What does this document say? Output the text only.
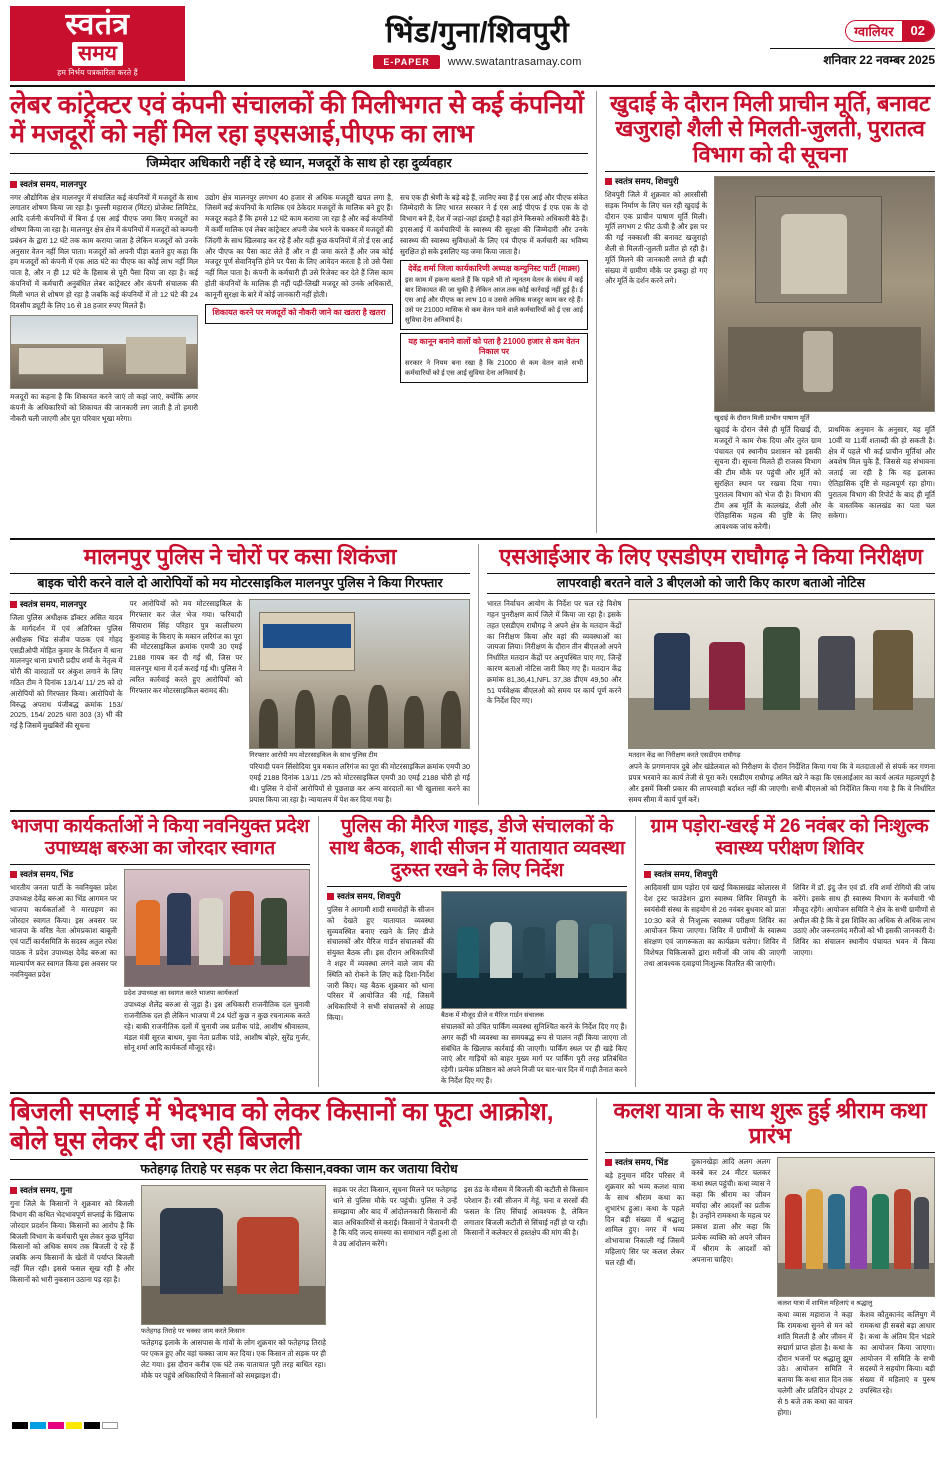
स्वतंत्र
समय
हम निर्भय पत्रकारिता करते हैं
भिंड/गुना/शिवपुरी
E-PAPER	www.swatantrasamay.com
ग्वालियर	02
शनिवार 22 नवम्बर 2025
लेबर कांट्रेक्टर एवं कंपनी संचालकों की मिलीभगत से कई कंपनियों में मजदूरों को नहीं मिल रहा इएसआई,पीएफ का लाभ
जिम्मेदार अधिकारी नहीं दे रहे ध्यान, मजदूरों के साथ हो रहा दुर्व्यवहार
स्वतंत्र समय, मालनपुर
नगर औद्योगिक क्षेत्र मालनपुर में संचालित कई कंपनियों में मजदूरों के साथ लगातार शोषण किया जा रहा है। फुल्ली महाराज (मिंटर) प्रोजेक्ट लिमिटेड, आदि दर्जनी कंपनियों में बिना ई एस आई पीएफ जमा किए मजदूरों का शोषण किया जा रहा है। मालनपुर क्षेत्र क्षेत्र में कंपनियों में मजदूरों को कम्पनी प्रबंधन के द्वारा 12 घंटे तक काम कराया जाता है लेकिन मजदूरों को उनके अनुसार वेतन नहीं मिल पाता। मजदूरों को अपनी पीड़ा बताने हुए कहा कि हम मजदूरों को कंपनी में एक आठ घंटे का पीएफ का कोई लाभ नहीं मिल पाता है, और न ही 12 घंटे के हिसाब से पूरी पैसा दिया जा रहा है। कई कंपनियों में कर्मचारी अनुबंधित लेबर कांट्रेक्टर और कंपनी संचालक की मिली भगत से शोषण हो रहा है जबकि कई कंपनियों में तो 12 घंटे की 24 दिवसीय ड्यूटी के लिए 16 से 18 हजार रुपए मिलते हैं।
मजदूरों का कहना है कि शिकायत करने जाएं तो कहां जाएं, क्योंकि अगर कंपनी के अधिकारियों को शिकायत की जानकारी लग जाती है तो हमारी नौकरी चली जाएगी और पूरा परिवार भूखा मरेगा।
उद्योग क्षेत्र मालनपुर लगभग 40 हजार से अधिक मजदूरी खपत लगा है, जिसमें कई कंपनियों के मालिक एवं ठेकेदार मजदूरों के मालिक बने हुए हैं। मजदूर कहते हैं कि हमसे 12 घंटे काम कराया जा रहा है और कई कंपनियों में कर्मी मालिक एवं लेबर कांट्रेक्टर अपनी जेब भरने के चक्कर में मजदूरों की जिंदगी के साथ खिलवाड़ कर रहे हैं और यही कुछ कंपनियों में तो ई एस आई और पीएफ का पैसा काट लेते हैं और न ही जमा करते हैं और जब कोई मजदूर पूर्ण सेवानिवृत्ति होने पर पैसा के लिए आवेदन करता है तो उसे पैसा नहीं मिल पाता है। कंपनी के कर्मचारी ही उसे रिजेक्ट कर देते हैं जिस काम होती कंपनियों के मालिक ही नहीं पढ़ी-लिखी मजदूर को उनके अधिकारों, कानूनी सुरक्षा के बारे में कोई जानकारी नहीं होती।
शिकायत करने पर मजदूरों को नौकरी जाने का खतरा है खतरा
सच एक ही श्रेणी के बड़े बड़े हैं, जानिए क्या हैं ई एस आई और पीएफ संकेत जिम्मेदारी के लिए भारत सरकार ने ई एस आई पीएफ ई एफ एक के दो विभाग बने हैं, देश में जहां-जहां इंडस्ट्री है वहां होने किसको अधिकारी बैठे हैं। इएसआई में कर्मचारियों के स्वास्थ्य की सुरक्षा की जिम्मेदारी और उनके स्वास्थ्य की स्वास्थ्य सुविधाओं के लिए एवं पीएफ में कर्मचारी का भविष्य सुरक्षित हो सके इसलिए यह जमा किया जाता है।
देवेंद्र शर्मा जिला कार्यकारिणी अध्यक्ष कम्युनिस्ट पार्टी (माक्र्स)
इस काम में हकना बताते हैं कि पहले भी तो न्यूनतम वेतन के संबंध में कई बार शिकायत की जा चुकी है लेकिन आज तक कोई कार्रवाई नहीं हुई है। ई एस आई और पीएफ का लाभ 10 व उससे अधिक मजदूर काम कर रहे हैं। उसे पर 21000 मासिक से कम वेतन पाने वाले कर्मचारियों को ई एस आई सुविधा देना अनिवार्य है।
यह कानून बनाने वालों को पता है 21000 हजार से कम वेतन निकाल पर
सरकार ने नियम बना रखा है कि 21000 से कम वेतन वाले सभी कर्मचारियों को ई एस आई सुविधा देना अनिवार्य है।
खुदाई के दौरान मिली प्राचीन मूर्ति, बनावट खजुराहो शैली से मिलती-जुलती, पुरातत्व विभाग को दी सूचना
स्वतंत्र समय, शिवपुरी
शिवपुरी जिले में शुक्रवार को आरसीसी सड़क निर्माण के लिए चल रही खुदाई के दौरान एक प्राचीन पाषाण मूर्ति मिली। मूर्ति लगभग 2 फीट ऊंची है और इस पर की गई नक्काशी की बनावट खजुराहो शैली से मिलती-जुलती प्रतीत हो रही है। मूर्ति मिलने की जानकारी लगते ही बड़ी संख्या में ग्रामीण मौके पर इकट्ठा हो गए और मूर्ति के दर्शन करने लगे।
खुदाई के दौरान मिली प्राचीन पाषाण मूर्ति
खुदाई के दौरान जैसे ही मूर्ति दिखाई दी, मजदूरों ने काम रोक दिया और तुरंत ग्राम पंचायत एवं स्थानीय प्रशासन को इसकी सूचना दी। सूचना मिलते ही राजस्व विभाग की टीम मौके पर पहुंची और मूर्ति को सुरक्षित स्थान पर रखवा दिया गया। पुरातत्व विभाग को भेज दी है। विभाग की टीम अब मूर्ति के कालखंड, शैली और ऐतिहासिक महत्व की पुष्टि के लिए आवश्यक जांच करेगी।
प्राथमिक अनुमान के अनुसार, यह मूर्ति 10वीं या 11वीं शताब्दी की हो सकती है। क्षेत्र में पहले भी कई प्राचीन मूर्तियां और अवशेष मिल चुके हैं, जिससे यह संभावना जताई जा रही है कि यह इलाका ऐतिहासिक दृष्टि से महत्वपूर्ण रहा होगा। पुरातत्व विभाग की रिपोर्ट के बाद ही मूर्ति के वास्तविक कालखंड का पता चल सकेगा।
मालनपुर पुलिस ने चोरों पर कसा शिकंजा
बाइक चोरी करने वाले दो आरोपियों को मय मोटरसाइकिल मालनपुर पुलिस ने किया गिरफ्तार
स्वतंत्र समय, मालनपुर
जिला पुलिस अधीक्षक डॉक्टर असित यादव के मार्गदर्शन में एवं अतिरिक्त पुलिस अधीक्षक भिंड संजीव पाठक एवं गोहद एसडीओपी मोहित कुमार के निर्देशन में थाना मालनपुर थाना प्रभारी प्रदीप शर्मा के नेतृत्व में चोरी की वारदातों पर अंकुश लगाने के लिए गठित टीम ने दिनांक 13/14/ 11/ 25 को दो आरोपियों को गिरफ्तार किया। आरोपियों के विरुद्ध अपराध पंजीबद्ध क्रमांक 153/ 2025, 154/ 2025 धारा 303 (3) भी की गई है जिसमें मुखबिरों की सूचना
पर आरोपियों को मय मोटरसाइकिल के गिरफ्तार कर जेल भेज गया। फरियादी सियाराम सिंह परिहार पुत्र कालीचरण कुशवाह के किराए के मकान लरिगंज का पूरा की मोटरसाइकिल क्रमांक एमपी 30 एमई 2188 गायब कर दी गई थी, जिस पर मालनपुर थाना में दर्ज कराई गई थी। पुलिस ने त्वरित कार्रवाई करते हुए आरोपियों को गिरफ्तार कर मोटरसाइकिल बरामद की।
गिरफ्तार आरोपी मय मोटरसाइकिल के साथ पुलिस टीम
परियादी पवन सिंसोदिया पुत्र मकान लरिगंज का पूरा की मोटरसाइकिल क्रमांक एमपी 30 एमई 2188 दिनांक 13/11 /25 को मोटरसाइकिल एमपी 30 एमई 2188 चोरी हो गई थी। पुलिस ने दोनों आरोपियों से पूछताछ कर अन्य वारदातों का भी खुलासा करने का प्रयास किया जा रहा है। न्यायालय में पेश कर दिया गया है।
एसआईआर के लिए एसडीएम राघौगढ़ ने किया निरीक्षण
लापरवाही बरतने वाले 3 बीएलओ को जारी किए कारण बताओ नोटिस
भारत निर्वाचन आयोग के निर्देश पर चल रहे विशेष गहन पुनरीक्षण कार्य जिले में किया जा रहा है। इसके तहत एसडीएम राघौगढ़ ने अपने क्षेत्र के मतदान केंद्रों का निरीक्षण किया और वहां की व्यवस्थाओं का जायजा लिया। निरीक्षण के दौरान तीन बीएलओ अपने निर्धारित मतदान केंद्रों पर अनुपस्थित पाए गए, जिन्हें कारण बताओ नोटिस जारी किए गए हैं। मतदान केंद्र क्रमांक 81,36,41,NFL 37,38 डीएम 49,50 और 51 पर्यवेक्षक बीएलओ को समय पर कार्य पूर्ण करने के निर्देश दिए गए।
मतदान केंद्र का निरीक्षण करते एसडीएम राघौगढ़
अपने के प्रगणनापत्र दुबे और खंडेलवाल को निरीक्षण के दौरान निर्देशित किया गया कि वे मतदाताओं से संपर्क कर गणना प्रपत्र भरवाने का कार्य तेजी से पूरा करें। एसडीएम राघौगढ़ अमित खरे ने कहा कि एसआईआर का कार्य अत्यंत महत्वपूर्ण है और इसमें किसी प्रकार की लापरवाही बर्दाश्त नहीं की जाएगी। सभी बीएलओ को निर्देशित किया गया है कि वे निर्धारित समय सीमा में कार्य पूर्ण करें।
भाजपा कार्यकर्ताओं ने किया नवनियुक्त प्रदेश उपाध्यक्ष बरुआ का जोरदार स्वागत
स्वतंत्र समय, भिंड
भारतीय जनता पार्टी के नवनियुक्त प्रदेश उपाध्यक्ष देवेंद्र बरुआ का भिंड आगमन पर भाजपा कार्यकर्ताओं ने मारग्रहण का जोरदार स्वागत किया। इस अवसर पर भाजपा के वरिष्ठ नेता ओमप्रकाश बाबूली एवं पार्टी कार्यसमिति के सदस्य अतुल रघेश पाठक ने प्रदेश उपाध्यक्ष देवेंद्र बरुआ का माल्यार्पण कर स्वागत किया इस अवसर पर नवनियुक्त प्रदेश
प्रदेश उपाध्यक्ष का स्वागत करते भाजपा कार्यकर्ता
उपाध्यक्ष शैलेंद्र बरुआ से जुड़ा है। इस अधिकारी राजनीतिक दल चुनावी राजनीतिक दल ही लेकिन भाजपा में 24 घंटों कुछ न कुछ रचनात्मक करते रहे। बाकी राजनीतिक दलों में चुनावी जब प्रतीक पांडे, आशीष श्रीवास्तव, मंडल मंत्री सूरज बाथम, युवा नेता प्रतीक पांडे, आशीष बोहरे, सुरेंद्र गुर्जर, सोनू शर्मा आदि कार्यकर्ता मौजूद रहे।
पुलिस की मैरिज गाइड, डीजे संचालकों के साथ बैठक, शादी सीजन में यातायात व्यवस्था दुरुस्त रखने के लिए निर्देश
स्वतंत्र समय, शिवपुरी
पुलिस ने आगामी शादी समारोहों के सीजन को देखते हुए यातायात व्यवस्था सुव्यवस्थित बनाए रखने के लिए डीजे संचालकों और मैरिज गार्डन संचालकों की संयुक्त बैठक ली। इस दौरान अधिकारियों ने शहर में व्यवस्था लगने वाले जाम की स्थिति को रोकने के लिए कड़े दिशा-निर्देश जारी किए। यह बैठक शुक्रवार को थाना परिसर में आयोजित की गई, जिसमें अधिकारियों ने सभी संचालकों से आग्रह किया।	बैठक में मौजूद डीजे व मैरिज गार्डन संचालक
संचालकों को उचित पार्किंग व्यवस्था सुनिश्चित करने के निर्देश दिए गए हैं। अगर कहीं भी व्यवस्था का समयबद्ध रूप से पालन नहीं किया जाएगा तो संबंधित के खिलाफ कार्रवाई की जाएगी। पार्किंग स्थल पर ही खड़े किए जाएं और गाड़ियों को बाहर मुख्य मार्ग पर पार्किंग पूरी तरह प्रतिबंधित रहेगी। प्रत्येक प्रतिष्ठान को अपने निजी पर चार-चार दिन में गाड़ी तैनात करने के निर्देश दिए गए हैं।
ग्राम पड़ोरा-खरई में 26 नवंबर को निःशुल्क स्वास्थ्य परीक्षण शिविर
स्वतंत्र समय, शिवपुरी
आदिवासी ग्राम पड़ोरा एवं खरई विकासखंड कोलारस में देश ट्रस्ट फाउंडेशन द्वारा स्वास्थ्य शिविर शिवपुरी के स्वयंसेवी संस्था के सहयोग से 26 नवंबर बुधवार को प्रातः 10:30 बजे से निःशुल्क स्वास्थ्य परीक्षण शिविर का आयोजन किया जाएगा। शिविर में ग्रामीणों के स्वास्थ्य संरक्षण एवं जागरूकता का कार्यक्रम चलेगा। शिविर में विशेषज्ञ चिकित्सकों द्वारा मरीजों की जांच की जाएगी तथा आवश्यक दवाइयां निःशुल्क वितरित की जाएंगी।
शिविर में डॉ. इंदु जैन एवं डॉ. रवि शर्मा रोगियों की जांच करेंगे। इसके साथ ही स्वास्थ्य विभाग के कर्मचारी भी मौजूद रहेंगे। आयोजन समिति ने क्षेत्र के सभी ग्रामीणों से अपील की है कि वे इस शिविर का अधिक से अधिक लाभ उठाएं और जरूरतमंद मरीजों को भी इसकी जानकारी दें। शिविर का संचालन स्थानीय पंचायत भवन में किया जाएगा।
बिजली सप्लाई में भेदभाव को लेकर किसानों का फूटा आक्रोश, बोले घूस लेकर दी जा रही बिजली
फतेहगढ़ तिराहे पर सड़क पर लेटा किसान,वक्का जाम कर जताया विरोध
स्वतंत्र समय, गुना
गुना जिले के किसानों ने शुक्रवार को बिजली विभाग की कथित भेदभावपूर्ण सप्लाई के खिलाफ जोरदार प्रदर्शन किया। किसानों का आरोप है कि बिजली विभाग के कर्मचारी घूस लेकर कुछ चुनिंदा किसानों को अधिक समय तक बिजली दे रहे हैं जबकि अन्य किसानों के खेतों में पर्याप्त बिजली नहीं मिल रही। इससे फसल सूख रही है और किसानों को भारी नुकसान उठाना पड़ रहा है।
फतेहगढ़ तिराहे पर चक्का जाम करते किसान
फतेहगढ़ इलाके के आसपास के गांवों के लोग शुक्रवार को फतेहगढ़ तिराहे पर एकत्र हुए और वहां चक्का जाम कर दिया। एक किसान तो सड़क पर ही लेट गया। इस दौरान करीब एक घंटे तक यातायात पूरी तरह बाधित रहा। मौके पर पहुंचे अधिकारियों ने किसानों को समझाइश दी।
सड़क पर लेटा किसान, सूचना मिलने पर फतेहगढ़ थाने से पुलिस मौके पर पहुंची। पुलिस ने उन्हें समझाया और बाद में आंदोलनकारी किसानों की बात अधिकारियों से कराई। किसानों ने चेतावनी दी है कि यदि जल्द समस्या का समाधान नहीं हुआ तो वे उग्र आंदोलन करेंगे।
इस ठंड के मौसम में बिजली की कटौती से किसान परेशान हैं। रबी सीजन में गेहूं, चना व सरसों की फसल के लिए सिंचाई आवश्यक है, लेकिन लगातार बिजली कटौती से सिंचाई नहीं हो पा रही। किसानों ने कलेक्टर से हस्तक्षेप की मांग की है।
कलश यात्रा के साथ शुरू हुई श्रीराम कथा प्रारंभ
स्वतंत्र समय, भिंड
बड़े हनुमान मंदिर परिसर में शुक्रवार को भव्य कलश यात्रा के साथ श्रीराम कथा का शुभारंभ हुआ। कथा के पहले दिन बड़ी संख्या में श्रद्धालु शामिल हुए। नगर में भव्य शोभायात्रा निकाली गई जिसमें महिलाएं सिर पर कलश लेकर चल रही थीं।
दुकानखेड़ा आदि अलग अलग कस्बे कर 24 मीटर चलकर कथा स्थल पहुंची। कथा व्यास ने कहा कि श्रीराम का जीवन मर्यादा और आदर्शों का प्रतीक है। उन्होंने रामकथा के महत्व पर प्रकाश डाला और कहा कि प्रत्येक व्यक्ति को अपने जीवन में श्रीराम के आदर्शों को अपनाना चाहिए।
कलश यात्रा में शामिल महिलाएं व श्रद्धालु
कथा व्यास महाराज ने कहा कि रामकथा सुनने से मन को शांति मिलती है और जीवन में सद्मार्ग प्राप्त होता है। कथा के दौरान भजनों पर श्रद्धालु झूम उठे। आयोजन समिति ने बताया कि कथा सात दिन तक चलेगी और प्रतिदिन दोपहर 2 से 5 बजे तक कथा का वाचन होगा।
केशव कौतुकानंद कलियुग में रामकथा ही सबसे बड़ा आधार है। कथा के अंतिम दिन भंडारे का आयोजन किया जाएगा। आयोजन में समिति के सभी सदस्यों ने सहयोग किया। बड़ी संख्या में महिलाएं व पुरुष उपस्थित रहे।
